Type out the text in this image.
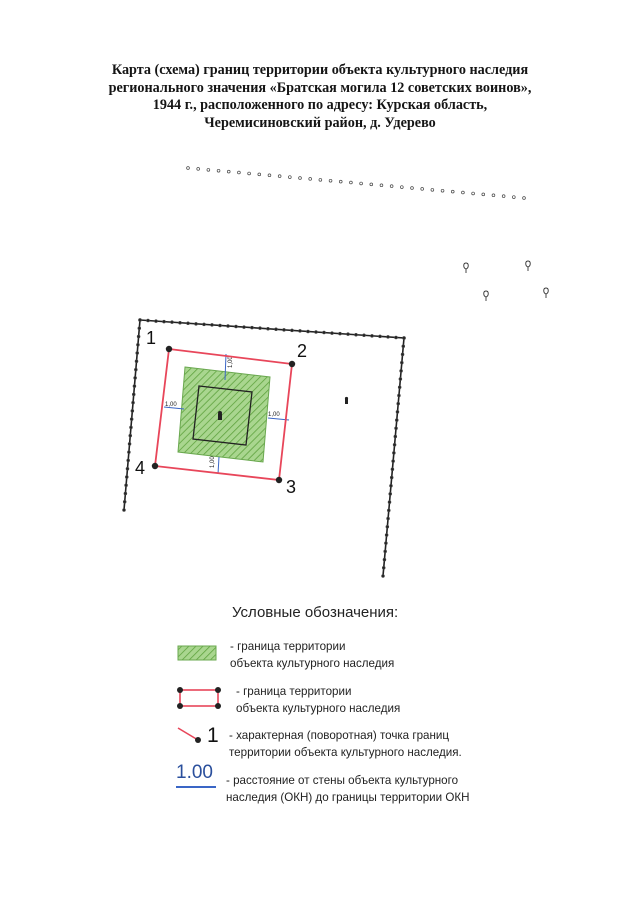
Карта (схема) границ территории объекта культурного наследия
регионального значения «Братская могила 12 советских воинов»,
1944 г., расположенного по адресу: Курская область,
Черемисиновский район, д. Удерево
1,00
1,00
1,00
1,00
1
2
3
4
Условные обозначения:
- граница территории
объекта культурного наследия
- граница территории
объекта культурного наследия
1 - характерная (поворотная) точка границ
территории объекта культурного наследия.
1.00 - расстояние от стены объекта культурного
наследия (ОКН) до границы территории ОКН
